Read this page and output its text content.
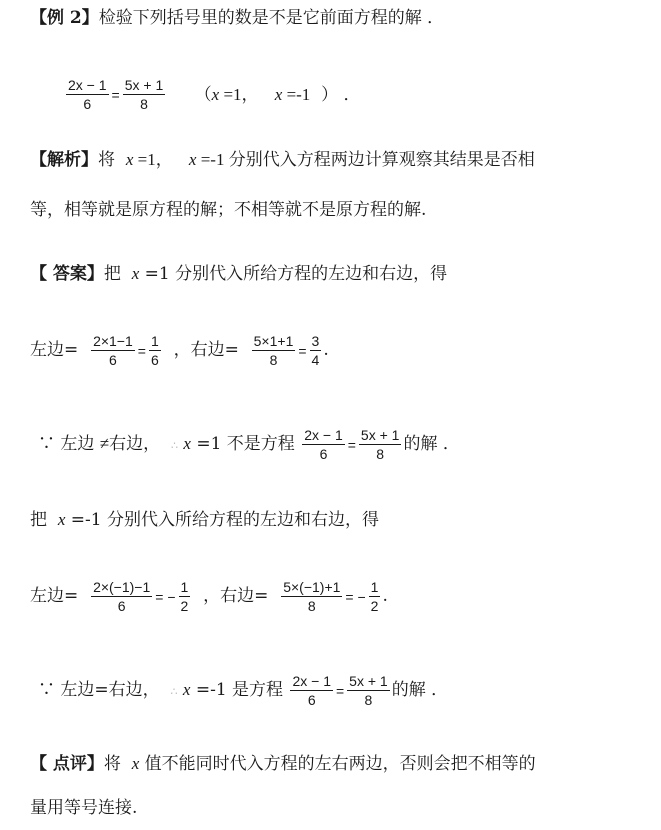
【例 2】检验下列括号里的数是不是它前面方程的解 ．
$\frac{2x - 1}{6} = \frac{5x + 1}{8} (x =1$， x =-1 ） ．
【解析】将 x =1， x =-1 分别代入方程两边计算观察其结果是否相
等，相等就是原方程的解；不相等就不是原方程的解.
【 答案】把 x =1 分别代入所给方程的左边和右边，得
左边= $\frac{2\times 1-1}{6} = \frac{1}{6}$ ，右边= $\frac{5\times 1+1}{8} = \frac{3}{4}$ .
∵ 左边 ≠右边， ∴ x =1 不是方程 $\frac{2x - 1}{6} = \frac{5x + 1}{8}$ 的解 ．
把 x =-1 分别代入所给方程的左边和右边，得
左边= $\frac{2\times(-1)-1}{6}$ = − $\frac{1}{2}$ ，右边= $\frac{5\times(-1)+1}{8}$ = − $\frac{1}{2}$ .
∵ 左边=右边， ∴ x =-1 是方程 $\frac{2x - 1}{6} = \frac{5x + 1}{8}$ 的解 ．
【 点评】将 x 值不能同时代入方程的左右两边，否则会把不相等的
量用等号连接.
